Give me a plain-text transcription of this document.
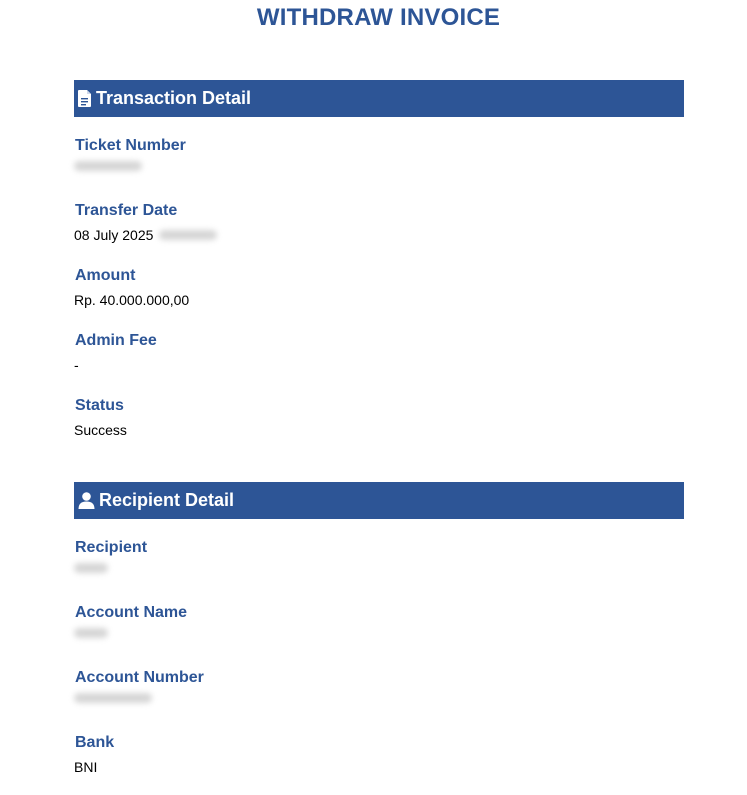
WITHDRAW INVOICE
Transaction Detail
Ticket Number
Transfer Date
08 July 2025
Amount
Rp. 40.000.000,00
Admin Fee
-
Status
Success
Recipient Detail
Recipient
Account Name
Account Number
Bank
BNI
